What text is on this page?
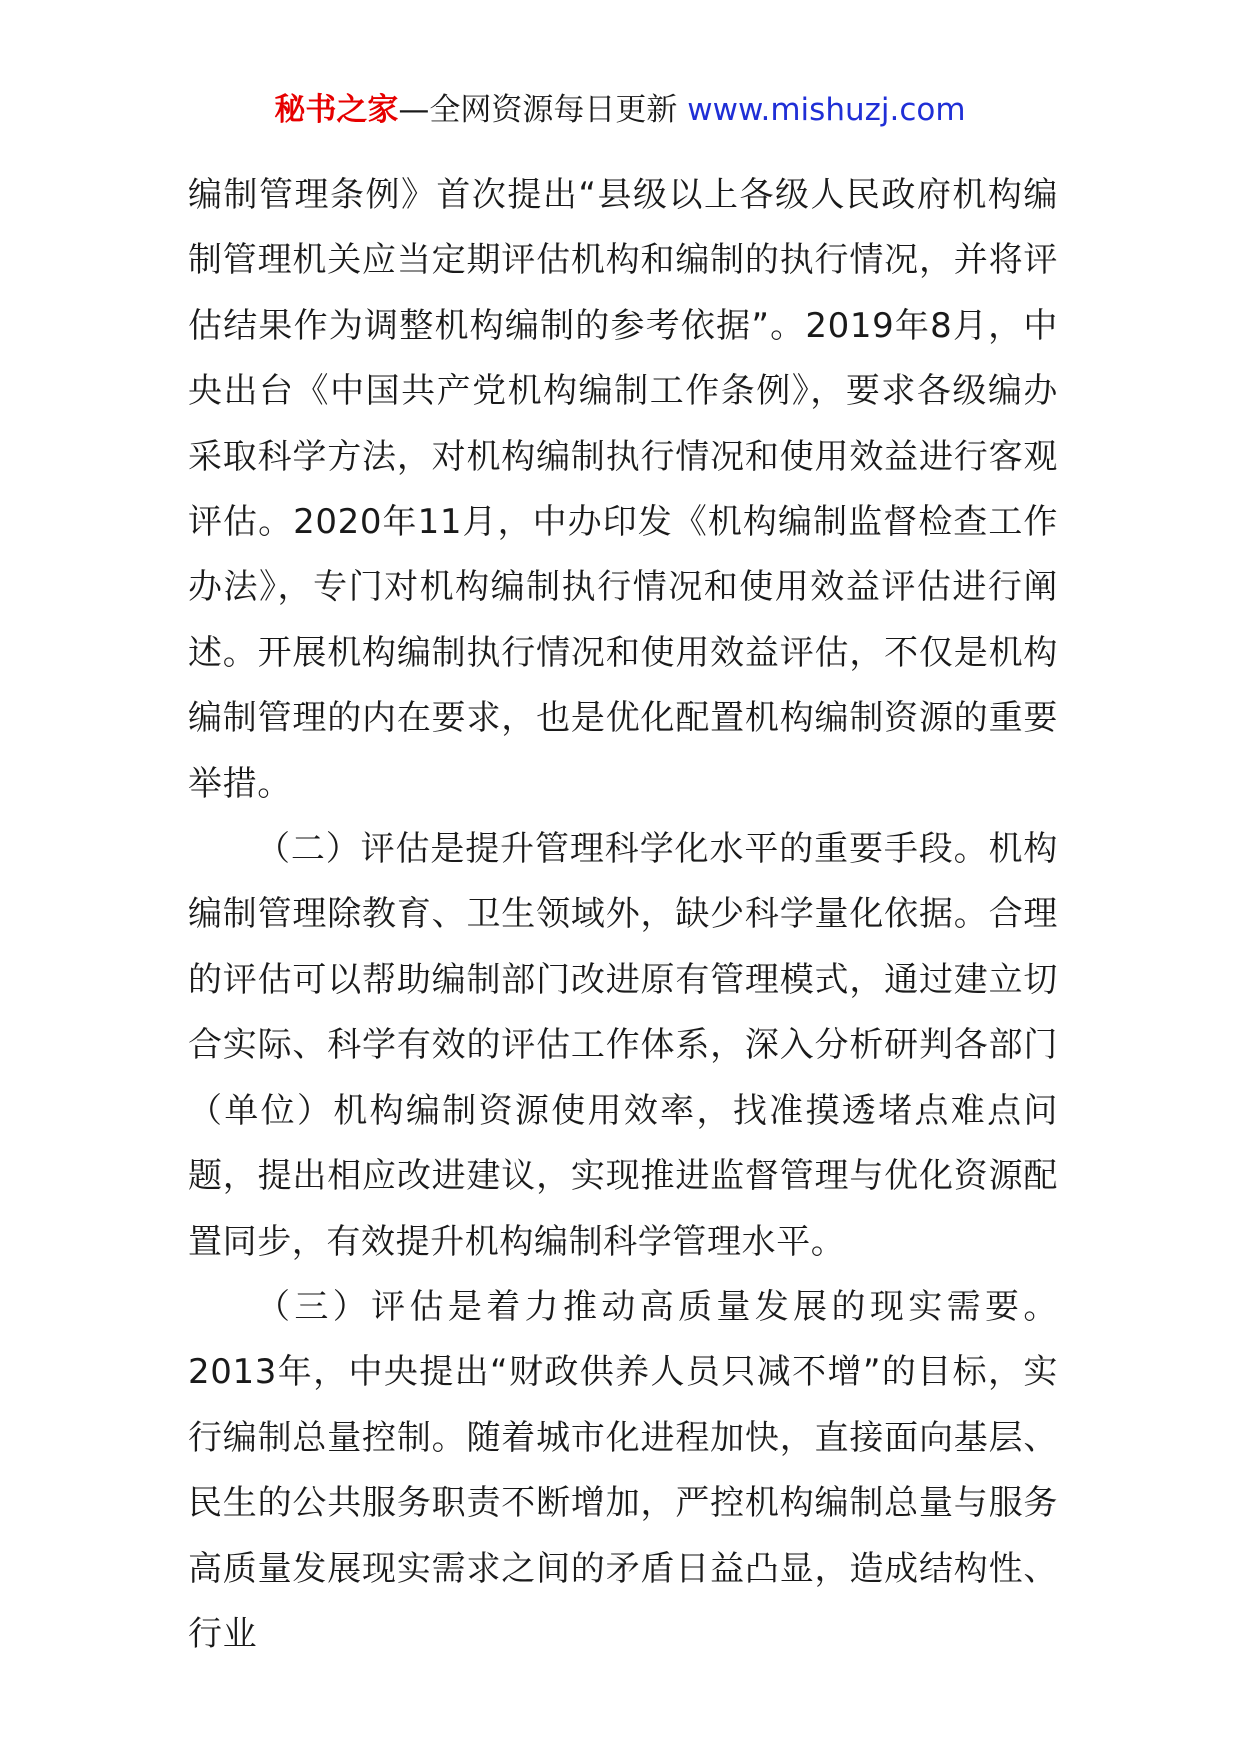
秘书之家—全网资源每日更新 www.mishuzj.com

编制管理条例》首次提出“县级以上各级人民政府机构编制管理机关应当定期评估机构和编制的执行情况，并将评估结果作为调整机构编制的参考依据”。2019年8月，中央出台《中国共产党机构编制工作条例》，要求各级编办采取科学方法，对机构编制执行情况和使用效益进行客观评估。2020年11月，中办印发《机构编制监督检查工作办法》，专门对机构编制执行情况和使用效益评估进行阐述。开展机构编制执行情况和使用效益评估，不仅是机构编制管理的内在要求，也是优化配置机构编制资源的重要举措。

（二）评估是提升管理科学化水平的重要手段。机构编制管理除教育、卫生领域外，缺少科学量化依据。合理的评估可以帮助编制部门改进原有管理模式，通过建立切合实际、科学有效的评估工作体系，深入分析研判各部门（单位）机构编制资源使用效率，找准摸透堵点难点问题，提出相应改进建议，实现推进监督管理与优化资源配置同步，有效提升机构编制科学管理水平。

（三）评估是着力推动高质量发展的现实需要。2013年，中央提出“财政供养人员只减不增”的目标，实行编制总量控制。随着城市化进程加快，直接面向基层、民生的公共服务职责不断增加，严控机构编制总量与服务高质量发展现实需求之间的矛盾日益凸显，造成结构性、行业
